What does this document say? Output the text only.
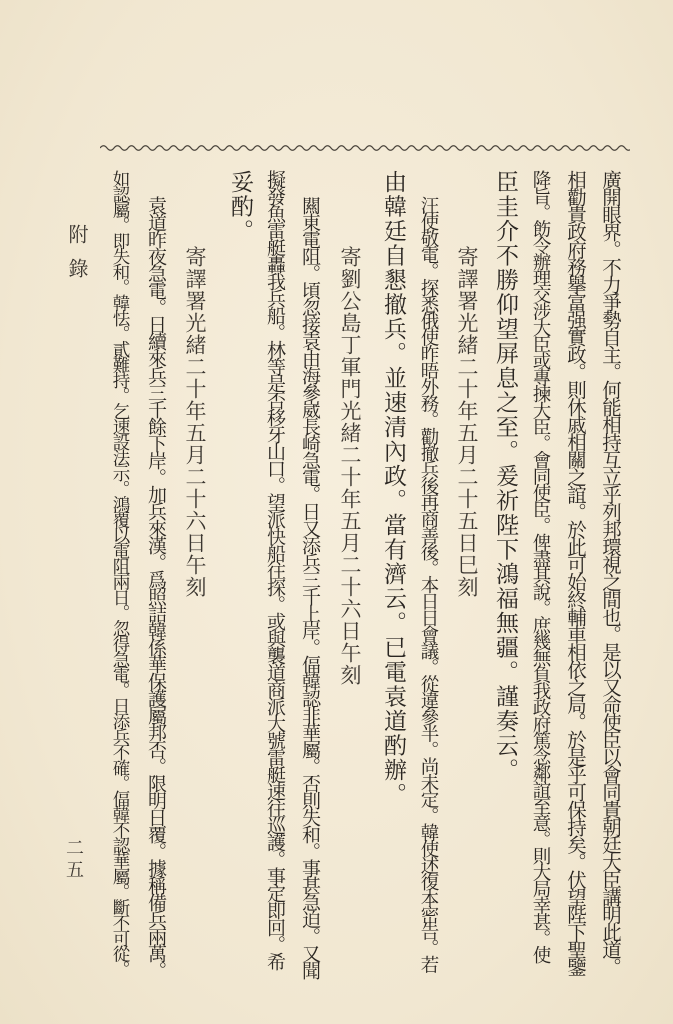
廣開眼界。不力爭勢自主。何能相持互立乎列邦環視之間也。是以又命使臣以會同貴朝廷大臣講明此道。
相勸貴政府務擧富强實政。則休戚相關之誼。於此可始終輔車相依之局。於是乎可保持矣。伏望陛下聖鑒
降旨。飭令辦理交涉大臣或專揀大臣。會同使臣。俾盡其說。庶幾無負我政府篤念鄰誼至意。則大局幸甚。使
臣圭介不勝仰望屏息之至。爰祈陛下鴻福無疆。謹奏云。
寄譯署光緒二十年五月二十五日巳刻
汪使敬電。探悉俄使昨晤外務。勸撤兵後再商善後。本日日會議。從違參半。尚未定。韓使述復本密告。若
由韓廷自懇撤兵。並速清內政。當有濟云。已電袁道酌辦。
寄劉公島丁軍門光緒二十年五月二十六日午刻
闗東電阻。頃忽接袁由海參崴長崎急電。日又添兵三千上岸。偪韓認非華屬。否則失和。事甚急迫。又聞
擬發魚雷艇轟我兵船。林等是否移牙山口。望派快船往探。或與襲道商派大號雷艇速往巡護。事定即回。希
妥酌。
寄譯署光緒二十年五月二十六日午刻
袁道昨夜急電。日續來兵三千餘下岸。加兵來漢。爲照詰韓係華保護屬邦否。限明日覆。據稱備兵兩萬。
如認屬。即失和。韓怯。貳難持。乞速設法示。鴻覆以電阻兩日。忽得急電。日添兵不確。偪韓不認華屬。斷不可從。
附錄
二五
